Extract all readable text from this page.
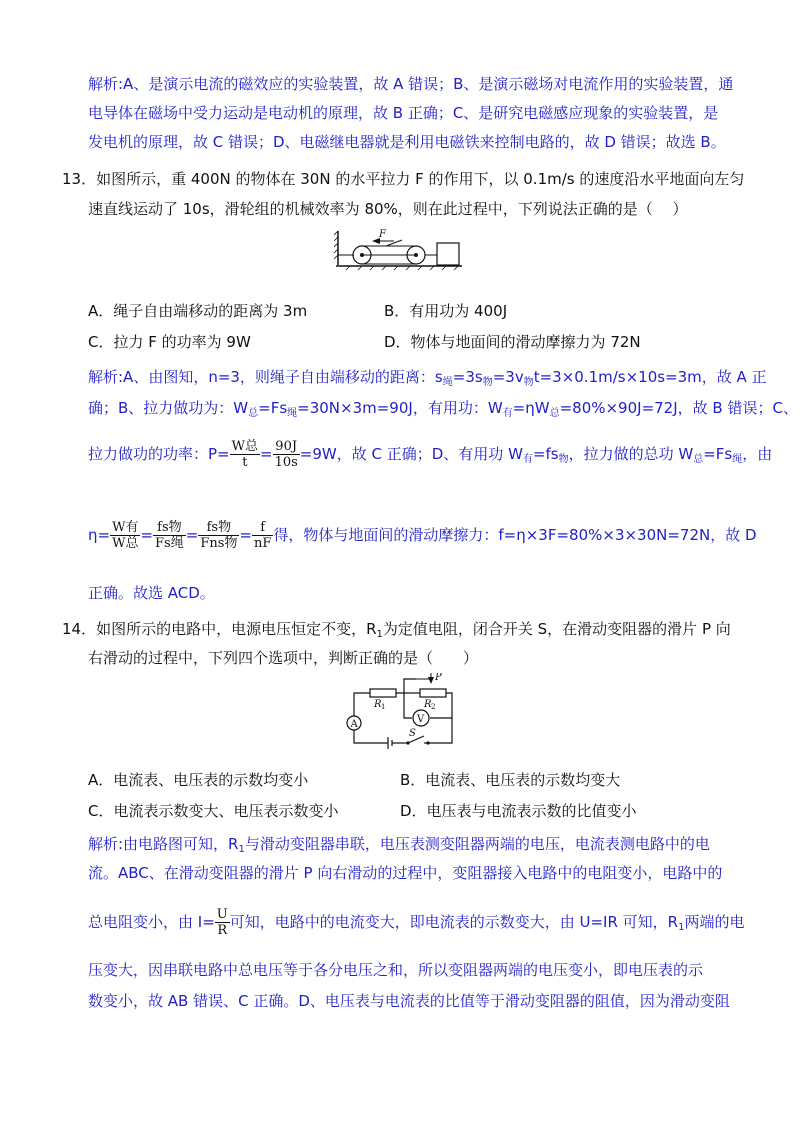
解析:A、是演示电流的磁效应的实验装置，故 A 错误；B、是演示磁场对电流作用的实验装置，通
电导体在磁场中受力运动是电动机的原理，故 B 正确；C、是研究电磁感应现象的实验装置，是
发电机的原理，故 C 错误；D、电磁继电器就是利用电磁铁来控制电路的，故 D 错误；故选 B。
13．如图所示，重 400N 的物体在 30N 的水平拉力 F 的作用下，以 0.1m/s 的速度沿水平地面向左匀
速直线运动了 10s，滑轮组的机械效率为 80%，则在此过程中，下列说法正确的是（　 ）
F
A．绳子自由端移动的距离为 3m	B．有用功为 400J
C．拉力 F 的功率为 9W	D．物体与地面间的滑动摩擦力为 72N
解析:A、由图知，n=3，则绳子自由端移动的距离：$s_绳=3s_物=3v_物t=3\times 0.1m/s\times 10s=3m$，故 A 正
确；B、拉力做功为：$W_总=Fs_绳=30N\times 3m=90J$，有用功：$W_有=\eta W_总=80\%\times 90J=72J$，故 B 错误；C、
拉力做功的功率：$P= \frac{\text{W总}}{t} = \frac{90J}{10s} =9W$，故 C 正确；D、有用功 $W_有=fs_物$，拉力做的总功 $W_总=Fs_绳$，由
$\eta= \frac{\text{W有}}{\text{W总}} = \frac{\text{fs物}}{\text{Fs绳}} = \frac{\text{fs物}}{\text{Fns物}} = \frac{f}{nF}$ 得，物体与地面间的滑动摩擦力：f=η×3F=80%×3×30N=72N，故 D
正确。故选 ACD。
14．如图所示的电路中，电源电压恒定不变，$R_1$为定值电阻，闭合开关 S，在滑动变阻器的滑片 P 向
右滑动的过程中，下列四个选项中，判断正确的是（　　）
A	V
R 1	R 2
P
S
A．电流表、电压表的示数均变小	B．电流表、电压表的示数均变大
C．电流表示数变大、电压表示数变小	D．电压表与电流表示数的比值变小
解析:由电路图可知，$R_1$与滑动变阻器串联，电压表测变阻器两端的电压，电流表测电路中的电
流。ABC、在滑动变阻器的滑片 P 向右滑动的过程中，变阻器接入电路中的电阻变小，电路中的
总电阻变小，由 $I= \frac{U}{R}$ 可知，电路中的电流变大，即电流表的示数变大，由 U=IR 可知，$R_1$两端的电
压变大，因串联电路中总电压等于各分电压之和，所以变阻器两端的电压变小，即电压表的示
数变小，故 AB 错误、C 正确。D、电压表与电流表的比值等于滑动变阻器的阻值，因为滑动变阻
